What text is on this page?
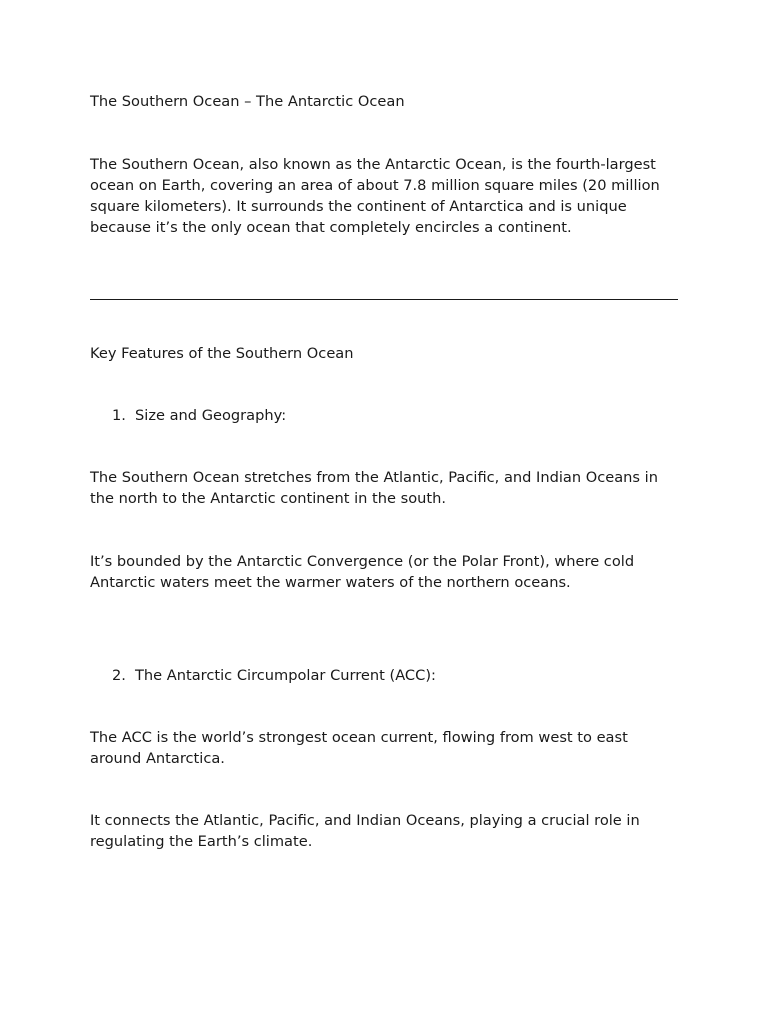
The Southern Ocean – The Antarctic Ocean

The Southern Ocean, also known as the Antarctic Ocean, is the fourth-largest ocean on Earth, covering an area of about 7.8 million square miles (20 million square kilometers). It surrounds the continent of Antarctica and is unique because it’s the only ocean that completely encircles a continent.

Key Features of the Southern Ocean

1. Size and Geography:

The Southern Ocean stretches from the Atlantic, Pacific, and Indian Oceans in the north to the Antarctic continent in the south.

It’s bounded by the Antarctic Convergence (or the Polar Front), where cold Antarctic waters meet the warmer waters of the northern oceans.

2. The Antarctic Circumpolar Current (ACC):

The ACC is the world’s strongest ocean current, flowing from west to east around Antarctica.

It connects the Atlantic, Pacific, and Indian Oceans, playing a crucial role in regulating the Earth’s climate.
